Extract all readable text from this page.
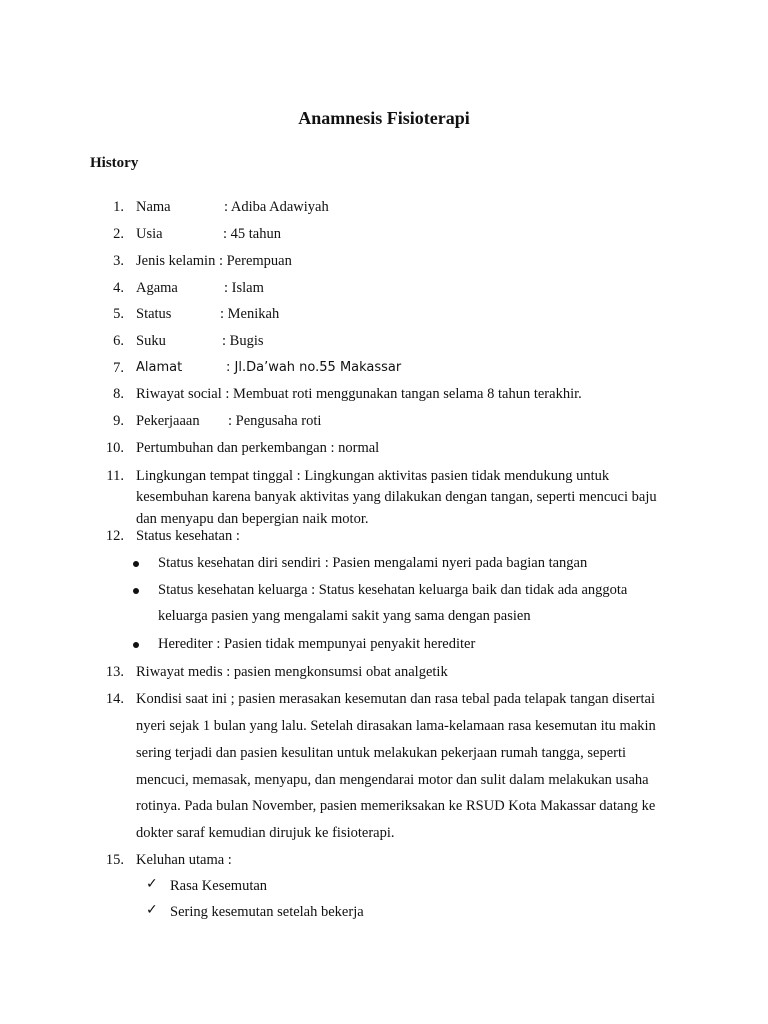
Anamnesis Fisioterapi
History
1. Nama	: Adiba Adawiyah
2. Usia	: 45 tahun
3. Jenis kelamin : Perempuan
4. Agama	: Islam
5. Status	: Menikah
6. Suku	: Bugis
7. Alamat	: Jl.Da’wah no.55 Makassar
8. Riwayat social : Membuat roti menggunakan tangan selama 8 tahun terakhir.
9. Pekerjaaan : Pengusaha roti
10. Pertumbuhan dan perkembangan : normal
11. Lingkungan tempat tinggal : Lingkungan aktivitas pasien tidak mendukung untuk
kesembuhan karena banyak aktivitas yang dilakukan dengan tangan, seperti mencuci baju
dan menyapu dan bepergian naik motor.
12. Status kesehatan :
Status kesehatan diri sendiri : Pasien mengalami nyeri pada bagian tangan
Status kesehatan keluarga : Status kesehatan keluarga baik dan tidak ada anggota
keluarga pasien yang mengalami sakit yang sama dengan pasien
Herediter : Pasien tidak mempunyai penyakit herediter
13. Riwayat medis : pasien mengkonsumsi obat analgetik
14. Kondisi saat ini ; pasien merasakan kesemutan dan rasa tebal pada telapak tangan disertai
nyeri sejak 1 bulan yang lalu. Setelah dirasakan lama-kelamaan rasa kesemutan itu makin
sering terjadi dan pasien kesulitan untuk melakukan pekerjaan rumah tangga, seperti
mencuci, memasak, menyapu, dan mengendarai motor dan sulit dalam melakukan usaha
rotinya. Pada bulan November, pasien memeriksakan ke RSUD Kota Makassar datang ke
dokter saraf kemudian dirujuk ke fisioterapi.
15. Keluhan utama :
✓ Rasa Kesemutan
✓ Sering kesemutan setelah bekerja
